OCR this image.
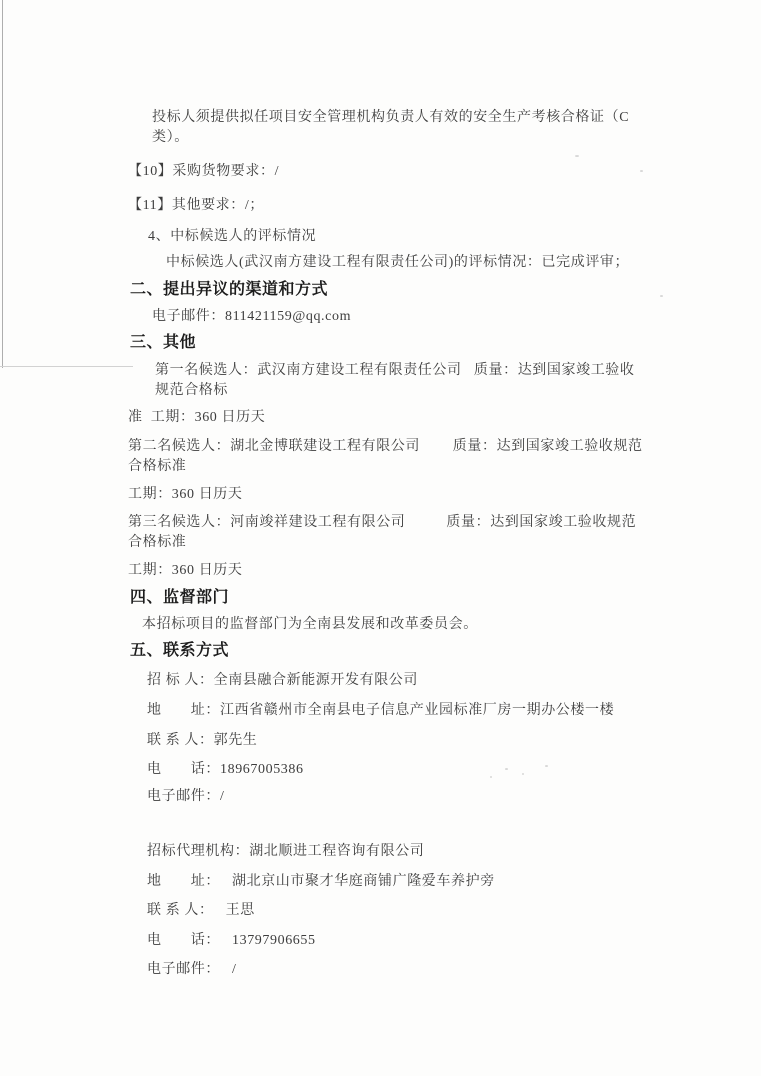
投标人须提供拟任项目安全管理机构负责人有效的安全生产考核合格证（C 类）。
【10】采购货物要求：/
【11】其他要求：/；
4、中标候选人的评标情况
中标候选人(武汉南方建设工程有限责任公司)的评标情况：已完成评审；
二、提出异议的渠道和方式
电子邮件：811421159@qq.com
三、其他
第一名候选人：武汉南方建设工程有限责任公司   质量：达到国家竣工验收规范合格标
准  工期：360 日历天
第二名候选人：湖北金博联建设工程有限公司        质量：达到国家竣工验收规范合格标准
工期：360 日历天
第三名候选人：河南竣祥建设工程有限公司          质量：达到国家竣工验收规范合格标准
工期：360 日历天
四、监督部门
本招标项目的监督部门为全南县发展和改革委员会。
五、联系方式
招 标 人： 全南县融合新能源开发有限公司
地　　址： 江西省赣州市全南县电子信息产业园标准厂房一期办公楼一楼
联 系 人： 郭先生
电　　话： 18967005386
电子邮件： /
招标代理机构： 湖北顺进工程咨询有限公司
地　　址： 湖北京山市聚才华庭商铺广隆爱车养护旁
联 系 人： 王思
电　　话： 13797906655
电子邮件： /
